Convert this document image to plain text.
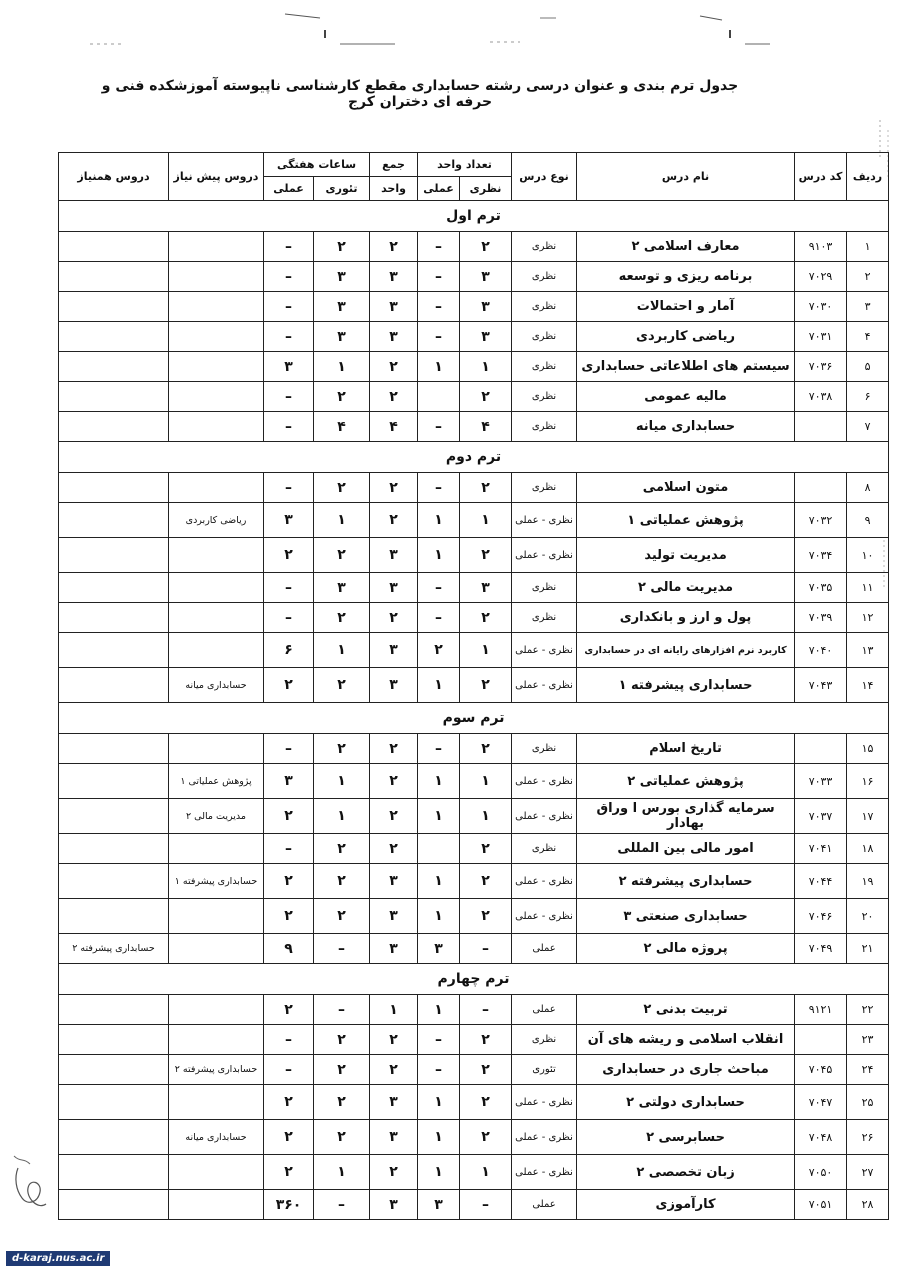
جدول ترم بندی و عنوان درسی رشته حسابداری مقطع کارشناسی ناپیوسته آموزشکده فنی و حرفه ای دختران کرج
ردیف	کد درس	نام درس	نوع درس	تعداد واحد		جمع	ساعات هفتگی		دروس پیش نیاز	دروس همنیاز
				نظری	عملی	واحد	تئوری	عملی		
ترم اول										
۱	۹۱۰۳	معارف اسلامی ۲	نظری	۲	–	۲	۲	–		
۲	۷۰۲۹	برنامه ریزی و توسعه	نظری	۳	–	۳	۳	–		
۳	۷۰۳۰	آمار و احتمالات	نظری	۳	–	۳	۳	–		
۴	۷۰۳۱	ریاضی کاربردی	نظری	۳	–	۳	۳	–		
۵	۷۰۳۶	سیستم های اطلاعاتی حسابداری	نظری	۱	۱	۲	۱	۳		
۶	۷۰۳۸	مالیه عمومی	نظری	۲		۲	۲	–		
۷		حسابداری میانه	نظری	۴	–	۴	۴	–		
ترم دوم										
۸		متون اسلامی	نظری	۲	–	۲	۲	–		
۹	۷۰۳۲	پژوهش عملیاتی ۱	نظری - عملی	۱	۱	۲	۱	۳	ریاضی کاربردی	
۱۰	۷۰۳۴	مدیریت تولید	نظری - عملی	۲	۱	۳	۲	۲		
۱۱	۷۰۳۵	مدیریت مالی ۲	نظری	۳	–	۳	۳	–		
۱۲	۷۰۳۹	پول و ارز و بانکداری	نظری	۲	–	۲	۲	–		
۱۳	۷۰۴۰	کاربرد نرم افزارهای رایانه ای در حسابداری	نظری - عملی	۱	۲	۳	۱	۶		
۱۴	۷۰۴۳	حسابداری پیشرفته ۱	نظری - عملی	۲	۱	۳	۲	۲	حسابداری میانه	
ترم سوم										
۱۵		تاریخ اسلام	نظری	۲	–	۲	۲	–		
۱۶	۷۰۳۳	پژوهش عملیاتی ۲	نظری - عملی	۱	۱	۲	۱	۳	پژوهش عملیاتی ۱	
۱۷	۷۰۳۷	سرمایه گذاری بورس ا وراق بهادار	نظری - عملی	۱	۱	۲	۱	۲	مدیریت مالی ۲	
۱۸	۷۰۴۱	امور مالی بین المللی	نظری	۲		۲	۲	–		
۱۹	۷۰۴۴	حسابداری پیشرفته ۲	نظری - عملی	۲	۱	۳	۲	۲	حسابداری پیشرفته ۱	
۲۰	۷۰۴۶	حسابداری صنعتی ۳	نظری - عملی	۲	۱	۳	۲	۲		
۲۱	۷۰۴۹	پروژه مالی ۲	عملی	–	۳	۳	–	۹		حسابداری پیشرفته ۲
ترم چهارم										
۲۲	۹۱۲۱	تربیت بدنی ۲	عملی	–	۱	۱	–	۲		
۲۳		انقلاب اسلامی و ریشه های آن	نظری	۲	–	۲	۲	–		
۲۴	۷۰۴۵	مباحث جاری در حسابداری	تئوری	۲	–	۲	۲	–	حسابداری پیشرفته ۲	
۲۵	۷۰۴۷	حسابداری دولتی ۲	نظری - عملی	۲	۱	۳	۲	۲		
۲۶	۷۰۴۸	حسابرسی ۲	نظری - عملی	۲	۱	۳	۲	۲	حسابداری میانه	
۲۷	۷۰۵۰	زبان تخصصی ۲	نظری - عملی	۱	۱	۲	۱	۲		
۲۸	۷۰۵۱	کارآموزی	عملی	–	۳	۳	–	۳۶۰		
d-karaj.nus.ac.ir
